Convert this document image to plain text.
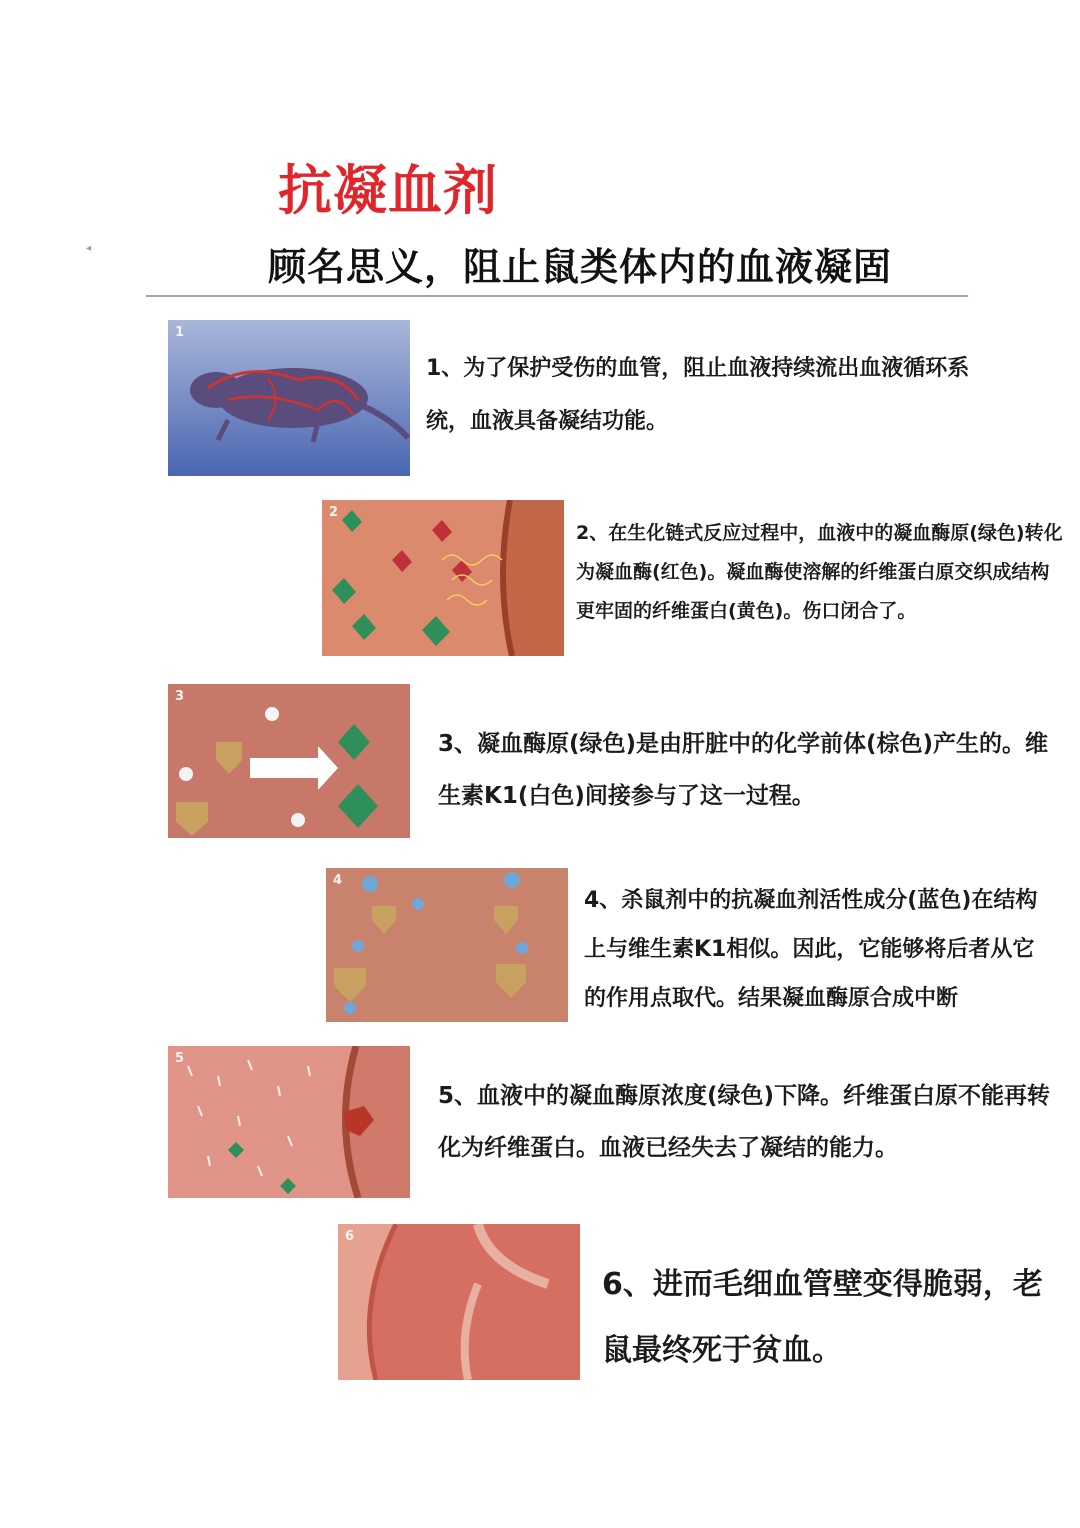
抗凝血剂
◂	顾名思义，阻止鼠类体内的血液凝固
1
1、为了保护受伤的血管，阻止血液持续流出血液循环系统，血液具备凝结功能。
2
2、在生化链式反应过程中，血液中的凝血酶原(绿色)转化为凝血酶(红色)。凝血酶使溶解的纤维蛋白原交织成结构更牢固的纤维蛋白(黄色)。伤口闭合了。
3
3、凝血酶原(绿色)是由肝脏中的化学前体(棕色)产生的。维生素K1(白色)间接参与了这一过程。
4
4、杀鼠剂中的抗凝血剂活性成分(蓝色)在结构上与维生素K1相似。因此，它能够将后者从它的作用点取代。结果凝血酶原合成中断
5
5、血液中的凝血酶原浓度(绿色)下降。纤维蛋白原不能再转化为纤维蛋白。血液已经失去了凝结的能力。
6
6、进而毛细血管壁变得脆弱，老鼠最终死于贫血。
